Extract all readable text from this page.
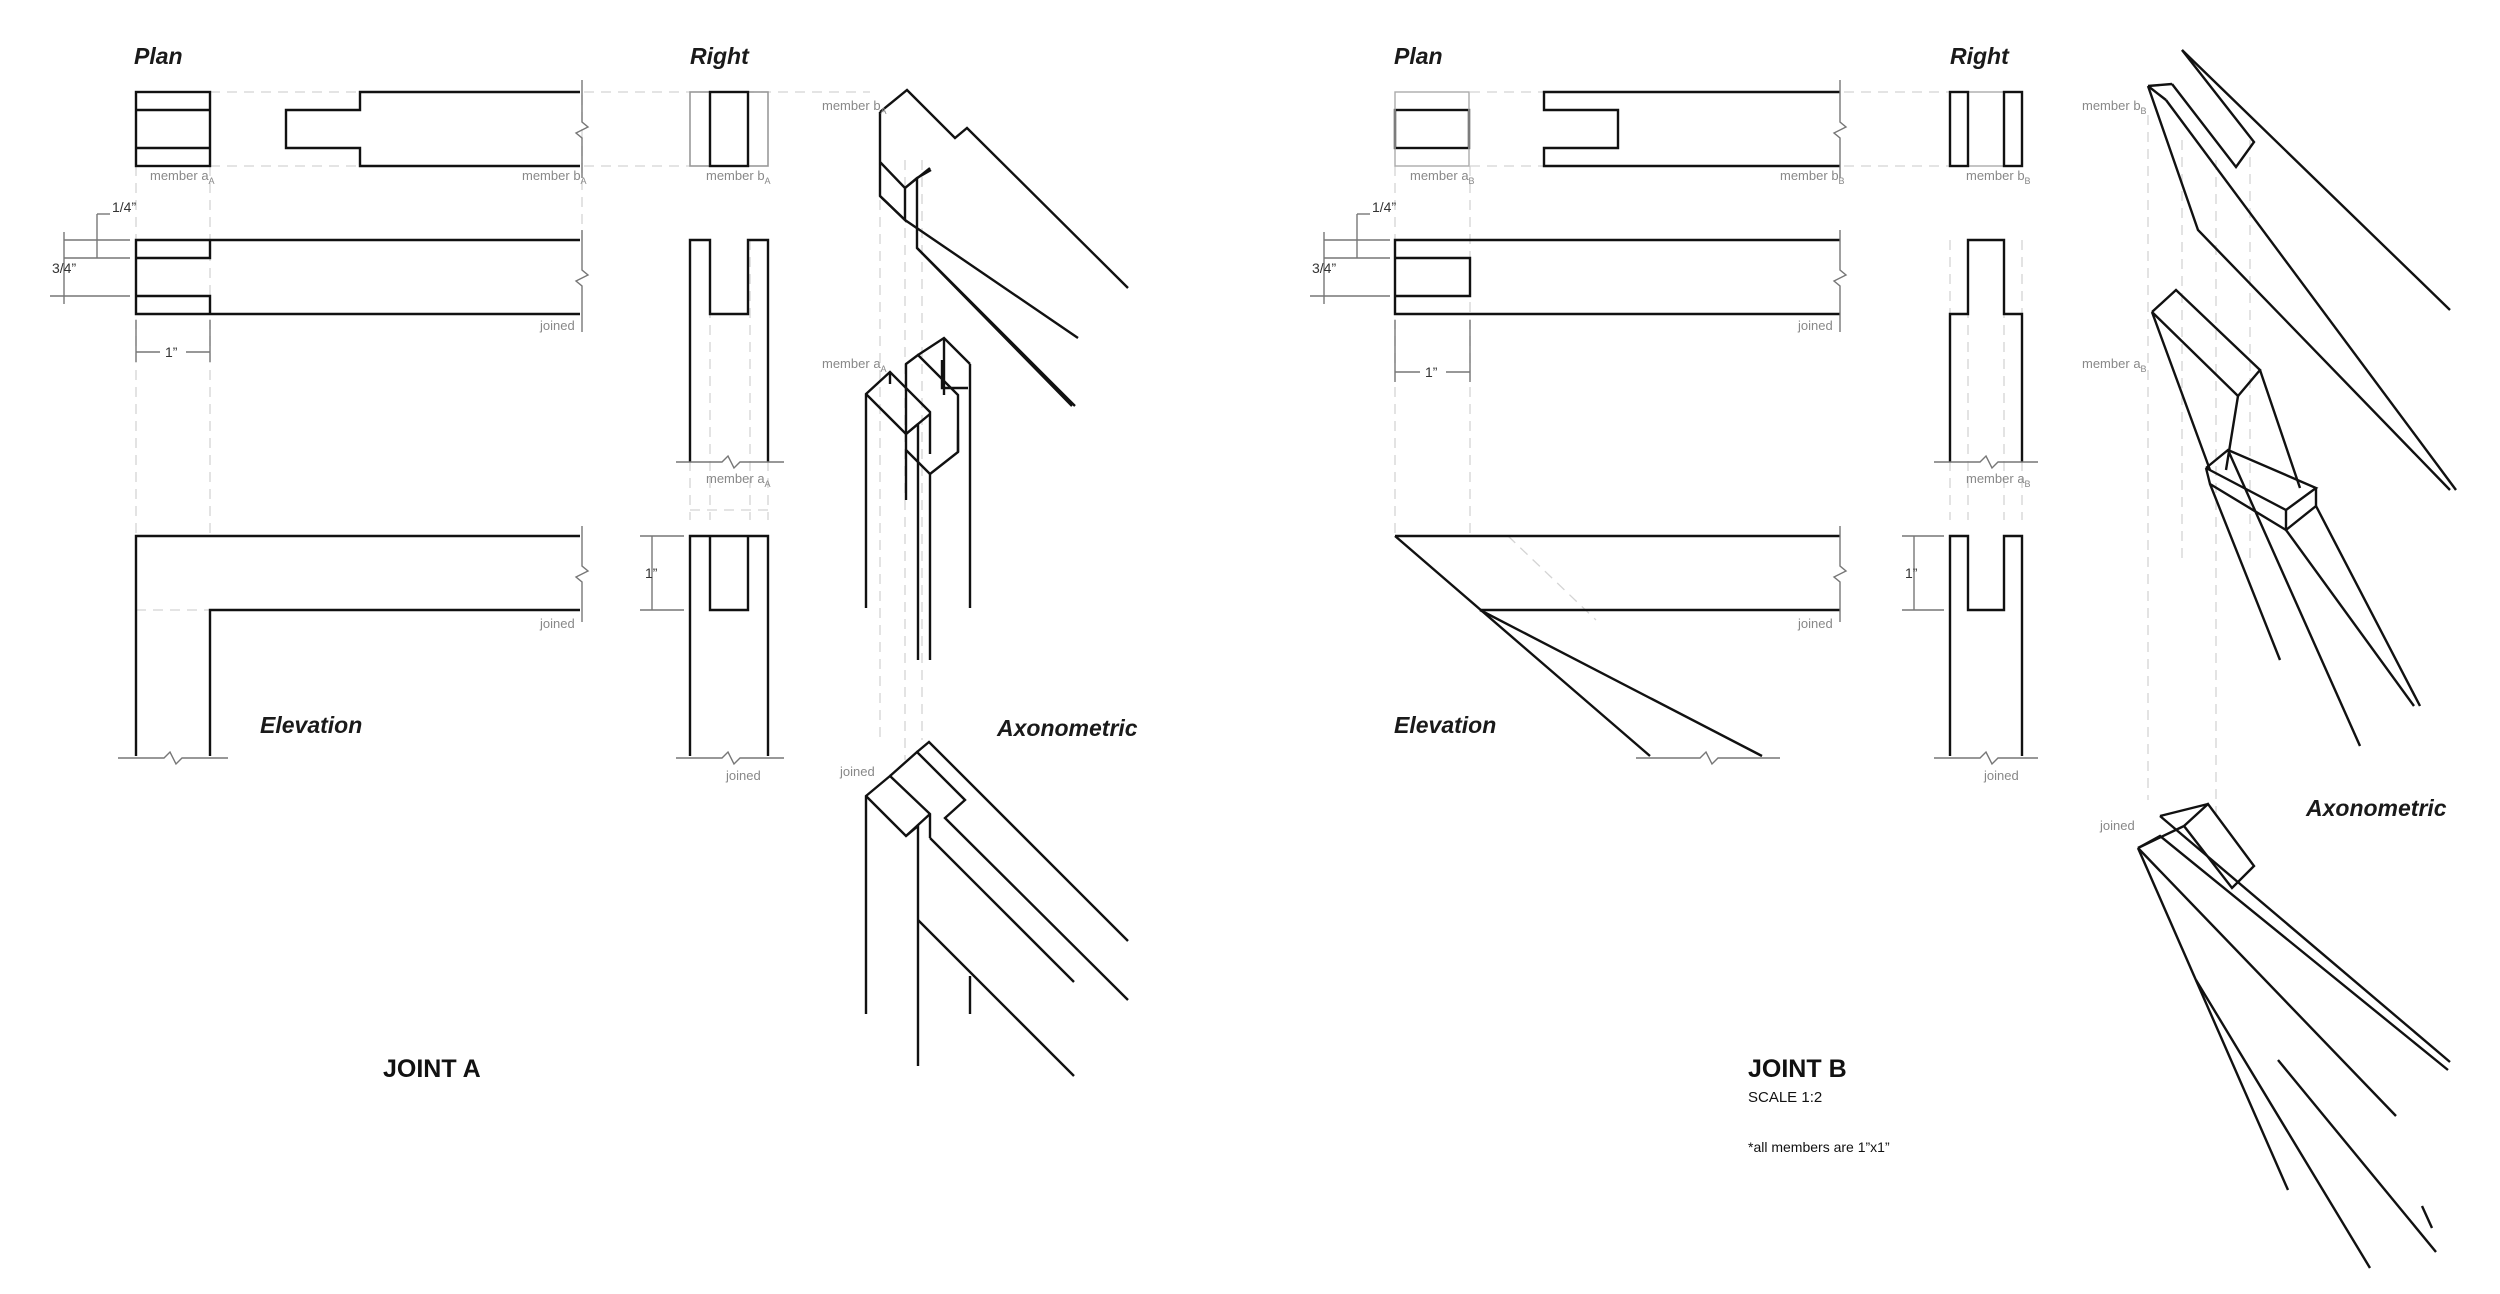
Plan
member $a_A$	member $b_A$
joined
1/4”
3/4”
1”
joined
Elevation
Right
member $b_A$
member $a_A$
1”
joined
member $b_A$
member $a_A$
joined
Axonometric
JOINT A
Plan
member $a_B$	member $b_B$
joined
1/4”
3/4”
1”
joined
Elevation
Right
member $b_B$
member $a_B$
1”
joined
member $b_B$
member $a_B$
joined
Axonometric
JOINT B
SCALE 1:2
*all members are 1”x1”
